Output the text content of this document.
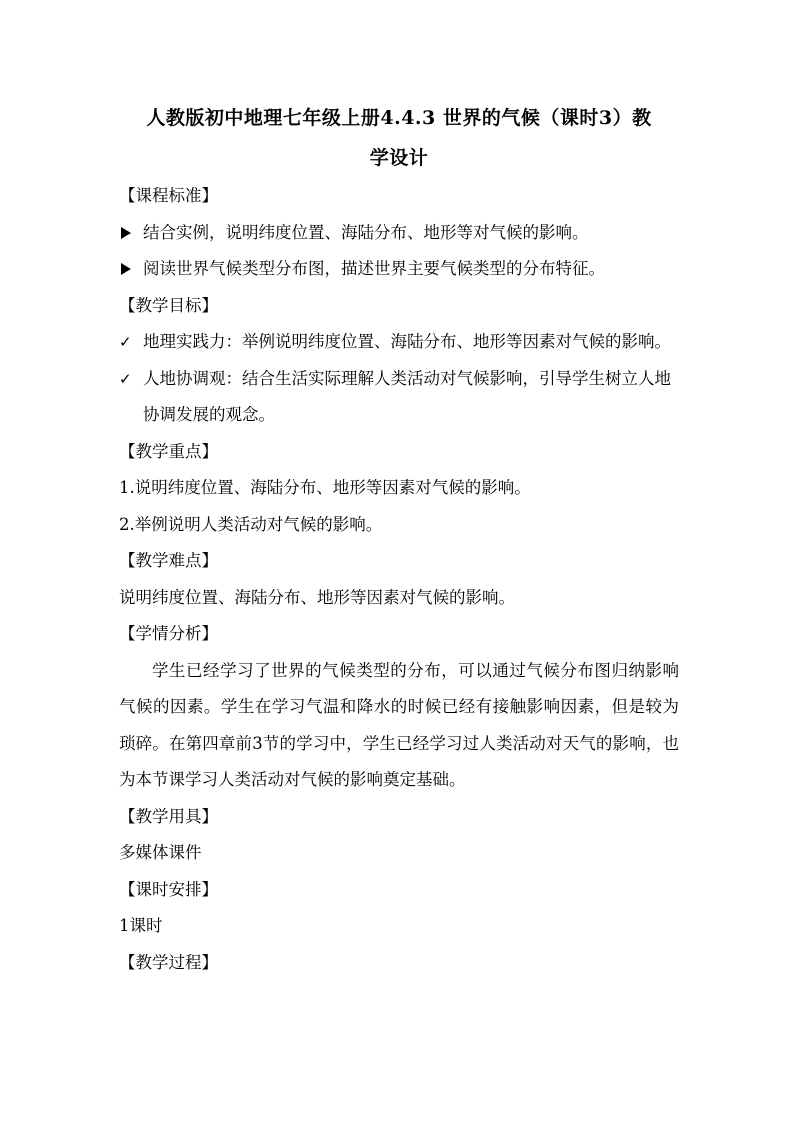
人教版初中地理七年级上册4.4.3 世界的气候（课时3）教

学设计

【课程标准】

结合实例，说明纬度位置、海陆分布、地形等对气候的影响。
阅读世界气候类型分布图，描述世界主要气候类型的分布特征。

【教学目标】

✓ 地理实践力：举例说明纬度位置、海陆分布、地形等因素对气候的影响。
✓ 人地协调观：结合生活实际理解人类活动对气候影响，引导学生树立人地协调发展的观念。

【教学重点】

1.说明纬度位置、海陆分布、地形等因素对气候的影响。

2.举例说明人类活动对气候的影响。

【教学难点】

说明纬度位置、海陆分布、地形等因素对气候的影响。

【学情分析】

学生已经学习了世界的气候类型的分布，可以通过气候分布图归纳影响气候的因素。学生在学习气温和降水的时候已经有接触影响因素，但是较为琐碎。在第四章前3节的学习中，学生已经学习过人类活动对天气的影响，也为本节课学习人类活动对气候的影响奠定基础。

【教学用具】

多媒体课件

【课时安排】

1课时

【教学过程】
